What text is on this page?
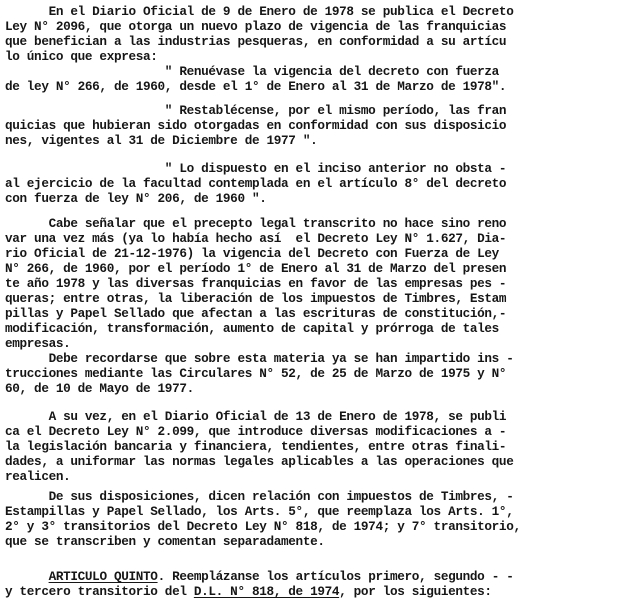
En el Diario Oficial de 9 de Enero de 1978 se publica el Decreto
Ley N° 2096, que otorga un nuevo plazo de vigencia de las franquicias
que benefician a las industrias pesqueras, en conformidad a su artícu
lo único que expresa:
" Renuévase la vigencia del decreto con fuerza
de ley N° 266, de 1960, desde el 1° de Enero al 31 de Marzo de 1978".
" Restablécense, por el mismo período, las fran
quicias que hubieran sido otorgadas en conformidad con sus disposicio
nes, vigentes al 31 de Diciembre de 1977 ".
" Lo dispuesto en el inciso anterior no obsta -
al ejercicio de la facultad contemplada en el artículo 8° del decreto
con fuerza de ley N° 206, de 1960 ".
Cabe señalar que el precepto legal transcrito no hace sino reno
var una vez más (ya lo había hecho así  el Decreto Ley N° 1.627, Dia-
rio Oficial de 21-12-1976) la vigencia del Decreto con Fuerza de Ley
N° 266, de 1960, por el período 1° de Enero al 31 de Marzo del presen
te año 1978 y las diversas franquicias en favor de las empresas pes -
queras; entre otras, la liberación de los impuestos de Timbres, Estam
pillas y Papel Sellado que afectan a las escrituras de constitución,-
modificación, transformación, aumento de capital y prórroga de tales
empresas.
Debe recordarse que sobre esta materia ya se han impartido ins -
trucciones mediante las Circulares N° 52, de 25 de Marzo de 1975 y N°
60, de 10 de Mayo de 1977.
A su vez, en el Diario Oficial de 13 de Enero de 1978, se publi
ca el Decreto Ley N° 2.099, que introduce diversas modificaciones a -
la legislación bancaria y financiera, tendientes, entre otras finali-
dades, a uniformar las normas legales aplicables a las operaciones que
realicen.
De sus disposiciones, dicen relación con impuestos de Timbres, -
Estampillas y Papel Sellado, los Arts. 5°, que reemplaza los Arts. 1°,
2° y 3° transitorios del Decreto Ley N° 818, de 1974; y 7° transitorio,
que se transcriben y comentan separadamente.
ARTICULO QUINTO. Reemplázanse los artículos primero, segundo - -
y tercero transitorio del D.L. N° 818, de 1974, por los siguientes:
